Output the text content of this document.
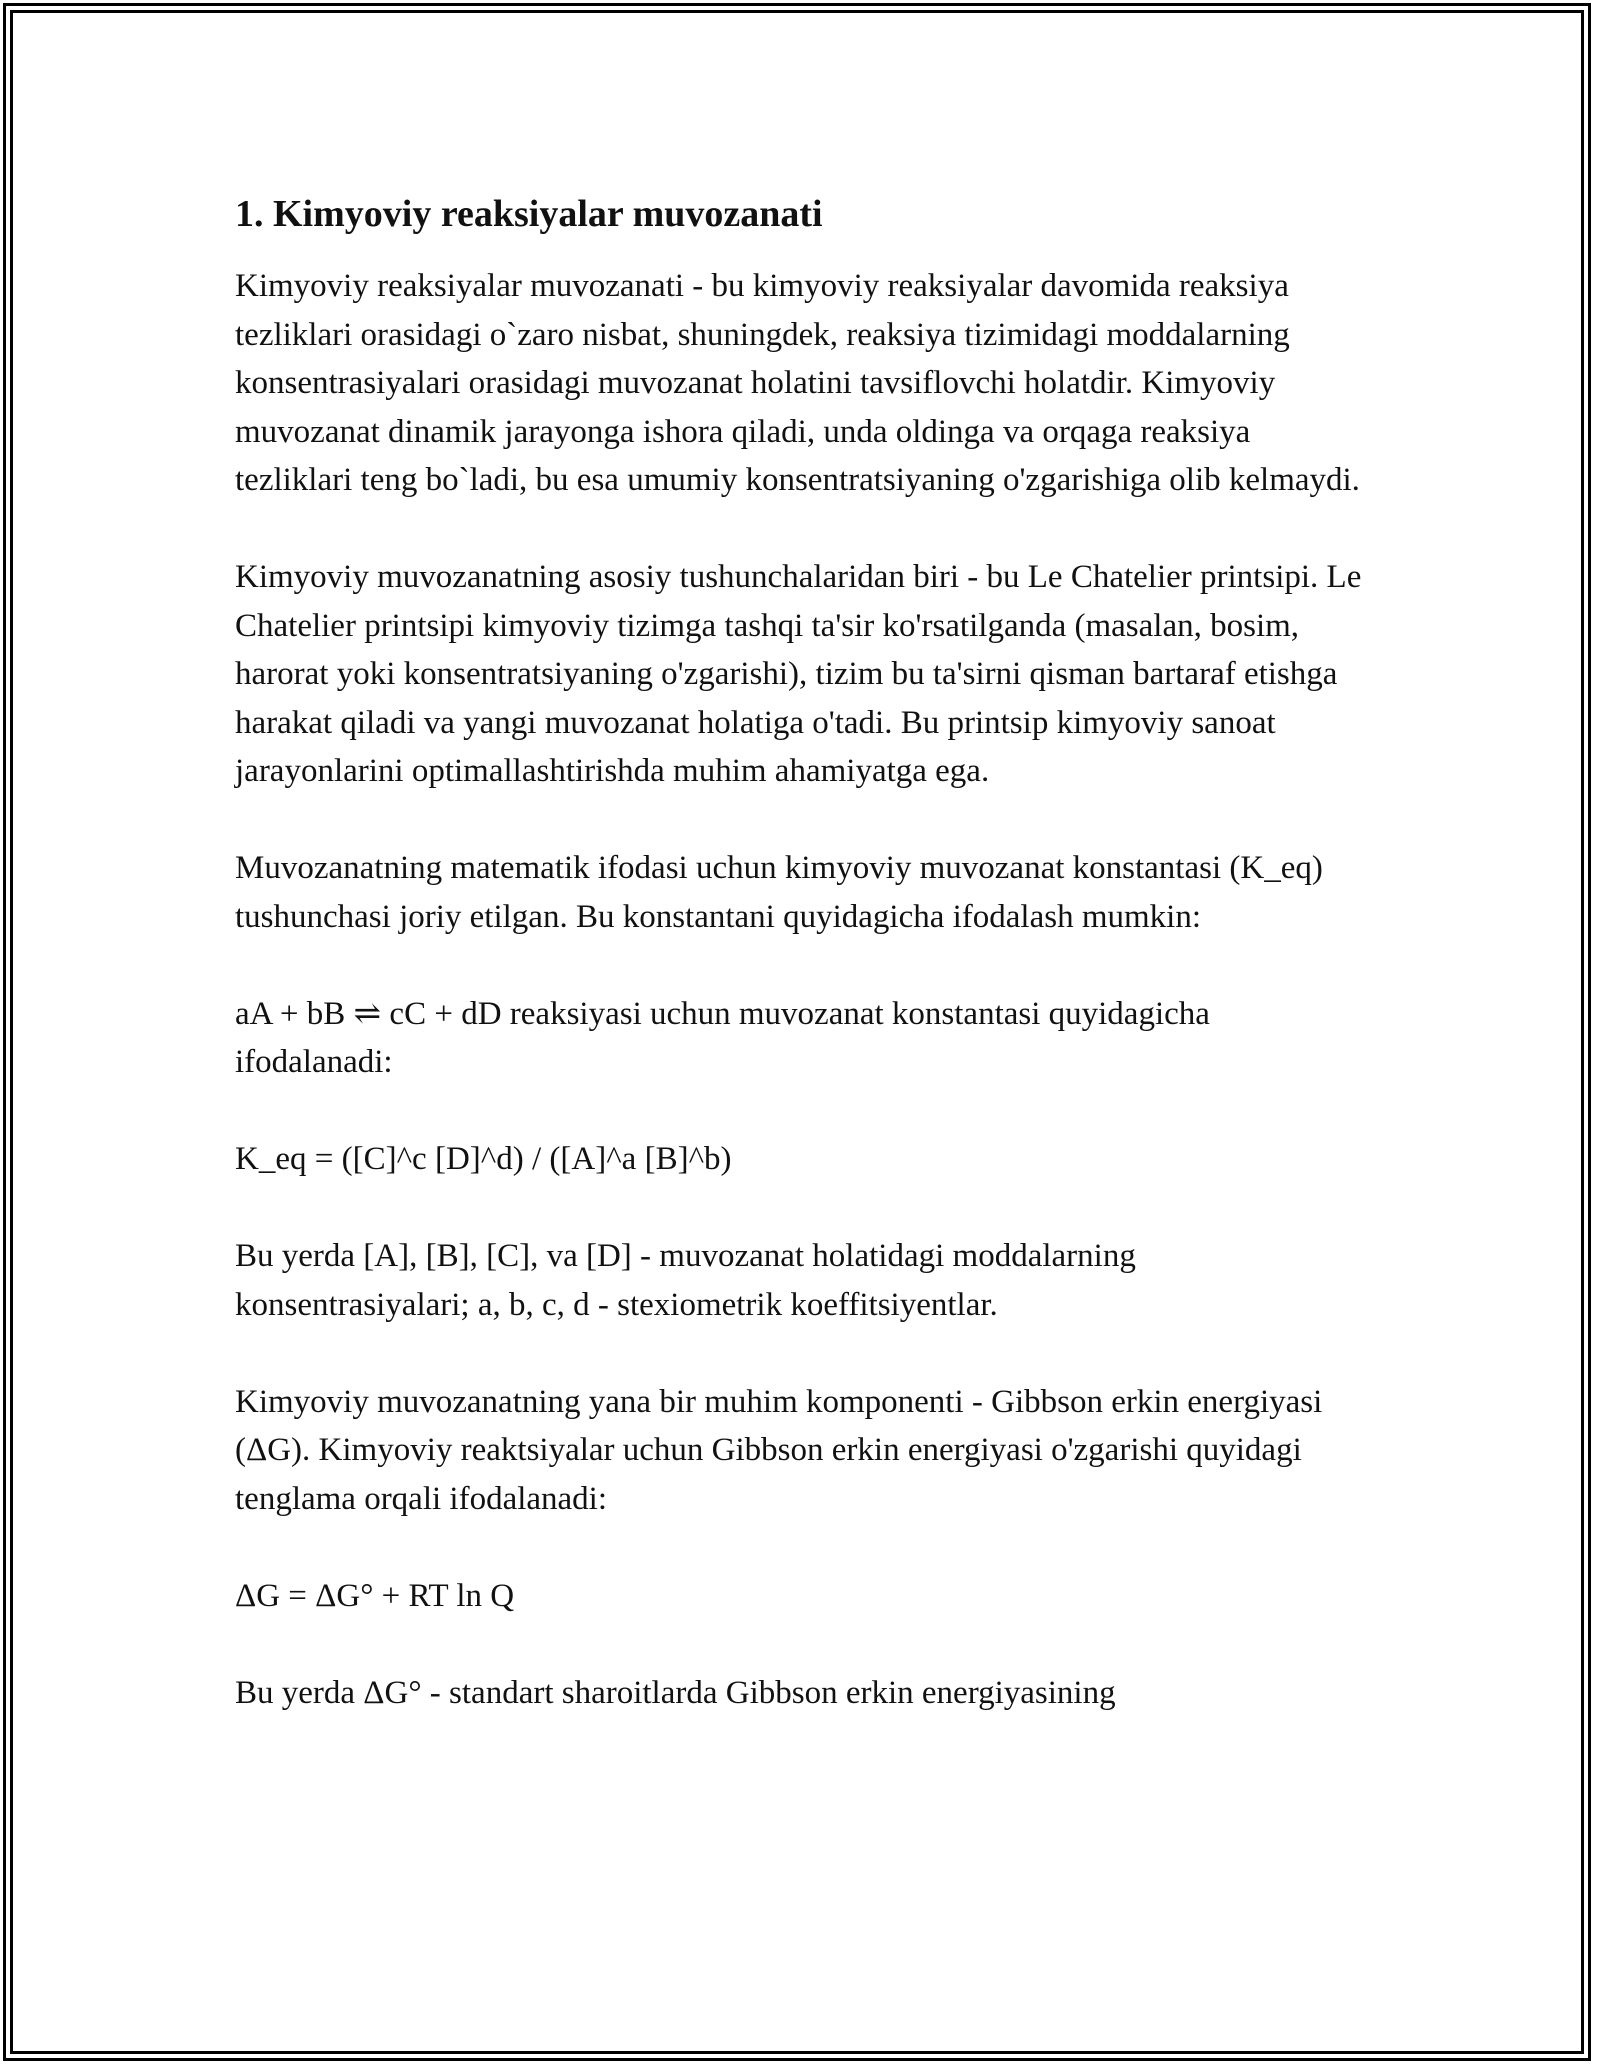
1. Kimyoviy reaksiyalar muvozanati

Kimyoviy reaksiyalar muvozanati - bu kimyoviy reaksiyalar davomida reaksiya tezliklari orasidagi o`zaro nisbat, shuningdek, reaksiya tizimidagi moddalarning konsentrasiyalari orasidagi muvozanat holatini tavsiflovchi holatdir. Kimyoviy muvozanat dinamik jarayonga ishora qiladi, unda oldinga va orqaga reaksiya tezliklari teng bo`ladi, bu esa umumiy konsentratsiyaning o'zgarishiga olib kelmaydi.

Kimyoviy muvozanatning asosiy tushunchalaridan biri - bu Le Chatelier printsipi. Le Chatelier printsipi kimyoviy tizimga tashqi ta'sir ko'rsatilganda (masalan, bosim, harorat yoki konsentratsiyaning o'zgarishi), tizim bu ta'sirni qisman bartaraf etishga harakat qiladi va yangi muvozanat holatiga o'tadi. Bu printsip kimyoviy sanoat jarayonlarini optimallashtirishda muhim ahamiyatga ega.

Muvozanatning matematik ifodasi uchun kimyoviy muvozanat konstantasi (K_eq) tushunchasi joriy etilgan. Bu konstantani quyidagicha ifodalash mumkin:

aA + bB ⇌ cC + dD reaksiyasi uchun muvozanat konstantasi quyidagicha ifodalanadi:

K_eq = ([C]^c [D]^d) / ([A]^a [B]^b)

Bu yerda [A], [B], [C], va [D] - muvozanat holatidagi moddalarning konsentrasiyalari; a, b, c, d - stexiometrik koeffitsiyentlar.

Kimyoviy muvozanatning yana bir muhim komponenti - Gibbson erkin energiyasi (ΔG). Kimyoviy reaktsiyalar uchun Gibbson erkin energiyasi o'zgarishi quyidagi tenglama orqali ifodalanadi:

ΔG = ΔG° + RT ln Q

Bu yerda ΔG° - standart sharoitlarda Gibbson erkin energiyasining
